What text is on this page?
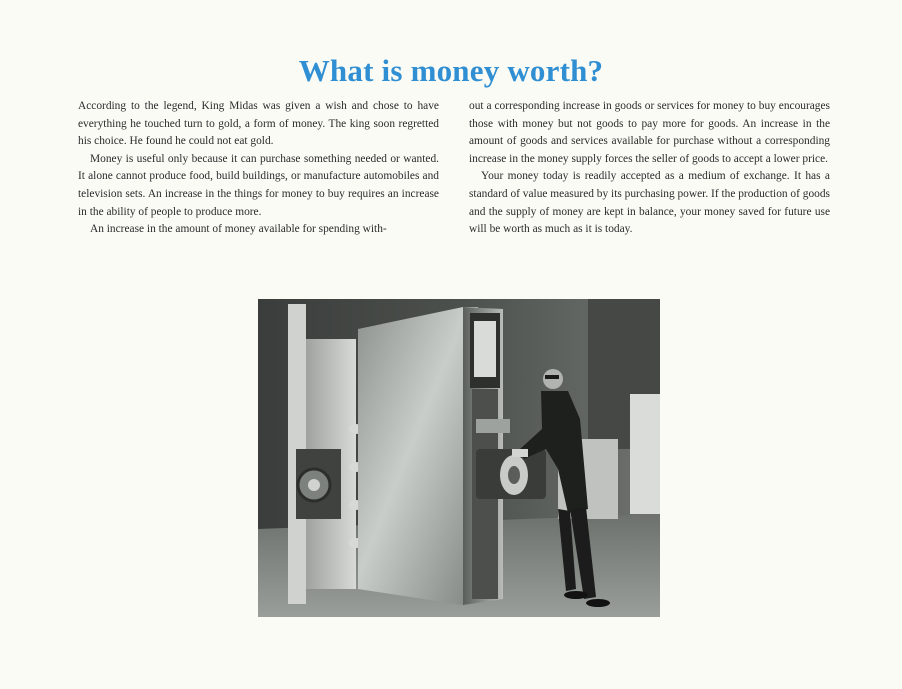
What is money worth?

According to the legend, King Midas was given a wish and chose to have everything he touched turn to gold, a form of money. The king soon regretted his choice. He found he could not eat gold.

Money is useful only because it can purchase something needed or wanted. It alone cannot produce food, build buildings, or manufacture automobiles and television sets. An increase in the things for money to buy requires an increase in the ability of people to produce more.

An increase in the amount of money available for spending with-

out a corresponding increase in goods or services for money to buy encourages those with money but not goods to pay more for goods. An increase in the amount of goods and services available for purchase without a corresponding increase in the money supply forces the seller of goods to accept a lower price.

Your money today is readily accepted as a medium of exchange. It has a standard of value measured by its purchasing power. If the production of goods and the supply of money are kept in balance, your money saved for future use will be worth as much as it is today.
